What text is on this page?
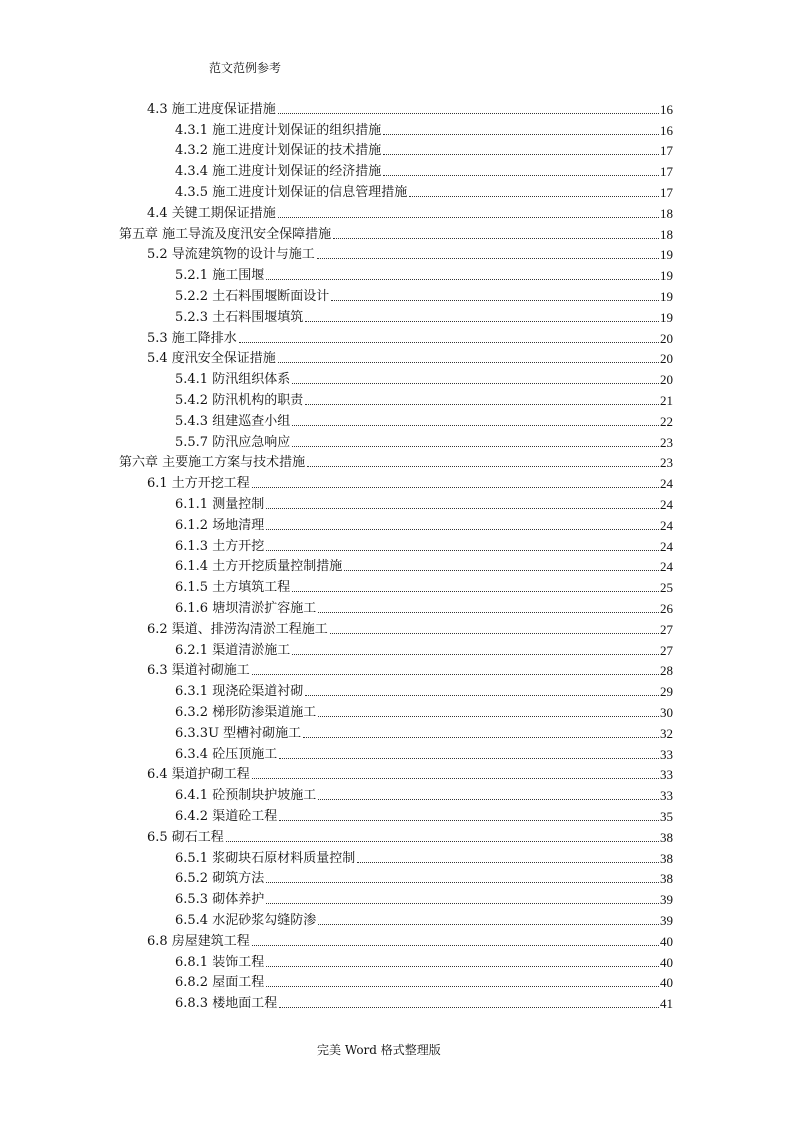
范文范例参考
4.3 施工进度保证措施	16
4.3.1 施工进度计划保证的组织措施	16
4.3.2 施工进度计划保证的技术措施	17
4.3.4 施工进度计划保证的经济措施	17
4.3.5 施工进度计划保证的信息管理措施	17
4.4 关键工期保证措施	18
第五章 施工导流及度汛安全保障措施	18
5.2 导流建筑物的设计与施工	19
5.2.1 施工围堰	19
5.2.2 土石料围堰断面设计	19
5.2.3 土石料围堰填筑	19
5.3 施工降排水	20
5.4 度汛安全保证措施	20
5.4.1 防汛组织体系	20
5.4.2 防汛机构的职责	21
5.4.3 组建巡查小组	22
5.5.7 防汛应急响应	23
第六章 主要施工方案与技术措施	23
6.1 土方开挖工程	24
6.1.1 测量控制	24
6.1.2 场地清理	24
6.1.3 土方开挖	24
6.1.4 土方开挖质量控制措施	24
6.1.5 土方填筑工程	25
6.1.6 塘坝清淤扩容施工	26
6.2 渠道、排涝沟清淤工程施工	27
6.2.1 渠道清淤施工	27
6.3 渠道衬砌施工	28
6.3.1 现浇砼渠道衬砌	29
6.3.2 梯形防渗渠道施工	30
6.3.3U 型槽衬砌施工	32
6.3.4 砼压顶施工	33
6.4 渠道护砌工程	33
6.4.1 砼预制块护坡施工	33
6.4.2 渠道砼工程	35
6.5 砌石工程	38
6.5.1 浆砌块石原材料质量控制	38
6.5.2 砌筑方法	38
6.5.3 砌体养护	39
6.5.4 水泥砂浆勾缝防渗	39
6.8 房屋建筑工程	40
6.8.1 装饰工程	40
6.8.2 屋面工程	40
6.8.3 楼地面工程	41
完美 Word 格式整理版
